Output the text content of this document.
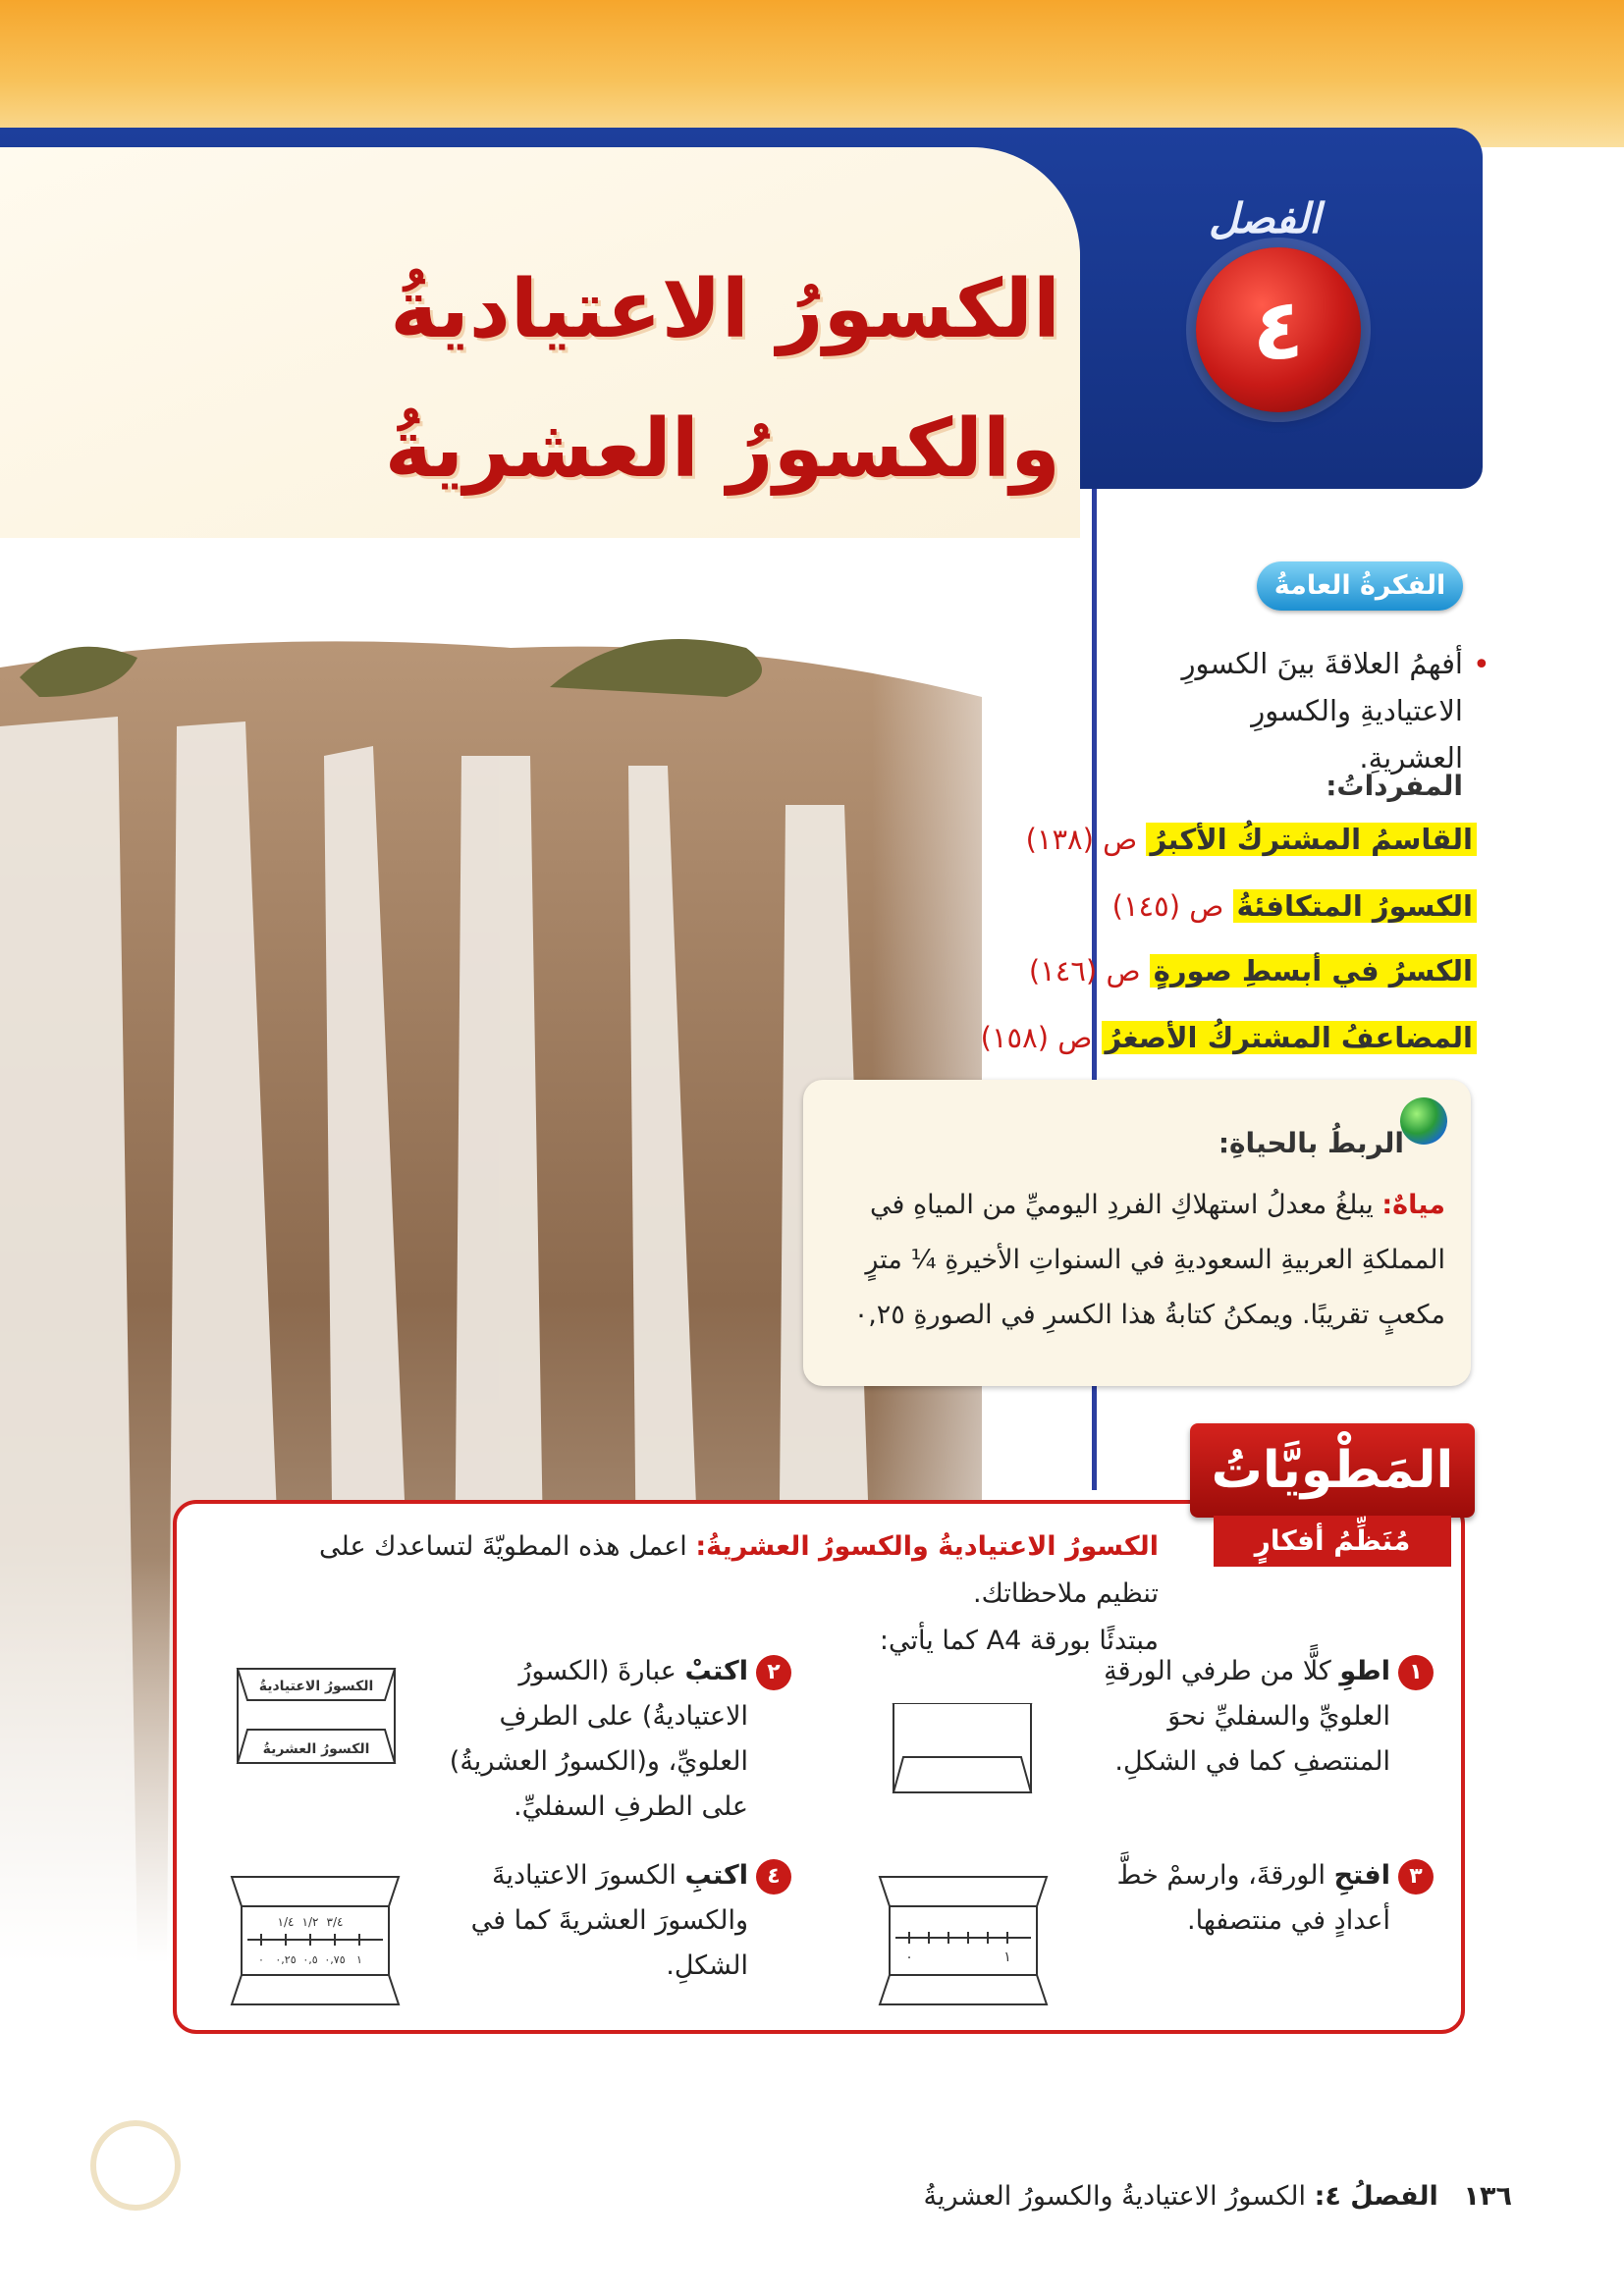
الفصل
٤
الكسورُ الاعتياديةُ
والكسورُ العشريةُ
الفكرةُ العامةُ
•
أفهمُ العلاقةَ بينَ الكسورِ الاعتياديةِ والكسورِ العشريةِ.
المفرداتُ:
القاسمُ المشتركُ الأكبرُ ص (١٣٨)
الكسورُ المتكافئةُ ص (١٤٥)
الكسرُ في أبسطِ صورةٍ ص (١٤٦)
المضاعفُ المشتركُ الأصغرُ ص (١٥٨)
الربطُ بالحياةِ:
مياهٌ: يبلغُ معدلُ استهلاكِ الفردِ اليوميِّ من المياهِ في المملكةِ العربيةِ السعوديةِ في السنواتِ الأخيرةِ ¼ مترٍ مكعبٍ تقريبًا. ويمكنُ كتابةُ هذا الكسرِ في الصورةِ ٠,٢٥
المَطْويَّاتُ
مُنَظِّمُ أفكارٍ
الكسورُ الاعتياديةُ والكسورُ العشريةُ: اعمل هذه المطويّةَ لتساعدك على تنظيم ملاحظاتك.
مبتدئًا بورقة A4 كما يأتي:
١
اطوِ كلًّا من طرفي الورقةِ العلويِّ والسفليِّ نحوَ المنتصفِ كما في الشكلِ.
٢
اكتبْ عبارةَ (الكسورُ الاعتياديةُ) على الطرفِ العلويِّ، و(الكسورُ العشريةُ) على الطرفِ السفليِّ.
الكسورُ الاعتياديةُ
الكسورُ العشريةُ
٣
افتحِ الورقةَ، وارسمْ خطَّ أعدادٍ في منتصفها.
٠	١
٤
اكتبِ الكسورَ الاعتياديةَ والكسورَ العشريةَ كما في الشكلِ.
١/٤ ١/٢ ٣/٤
٠ ٠,٢٥ ٠,٥ ٠,٧٥ ١
١٣٦   الفصلُ ٤: الكسورُ الاعتياديةُ والكسورُ العشريةُ
